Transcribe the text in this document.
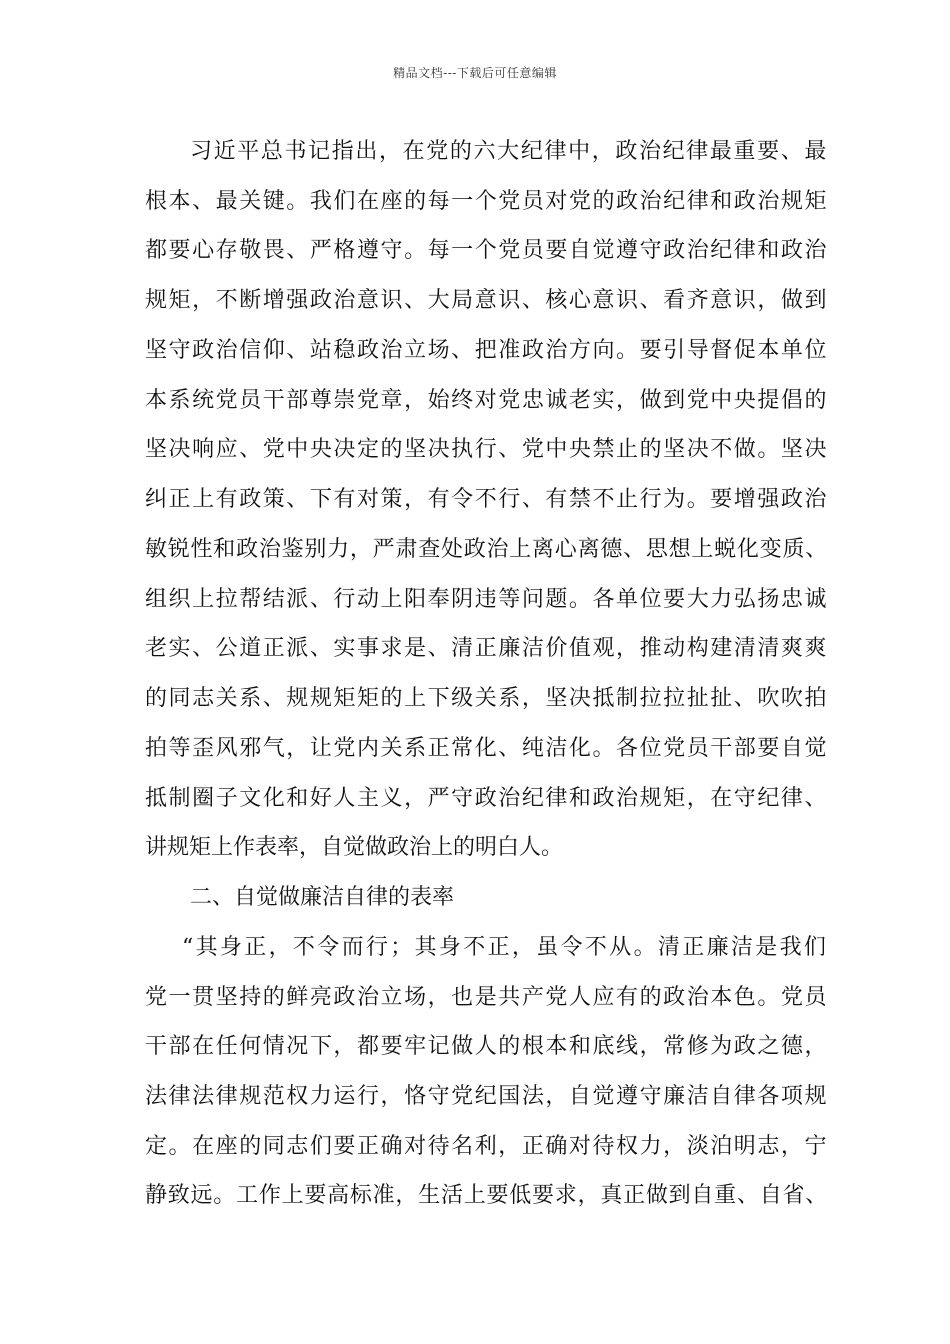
精品文档---下载后可任意编辑
习近平总书记指出，在党的六大纪律中，政治纪律最重要、最
根本、最关键。我们在座的每一个党员对党的政治纪律和政治规矩
都要心存敬畏、严格遵守。每一个党员要自觉遵守政治纪律和政治
规矩，不断增强政治意识、大局意识、核心意识、看齐意识，做到
坚守政治信仰、站稳政治立场、把准政治方向。要引导督促本单位
本系统党员干部尊崇党章，始终对党忠诚老实，做到党中央提倡的
坚决响应、党中央决定的坚决执行、党中央禁止的坚决不做。坚决
纠正上有政策、下有对策，有令不行、有禁不止行为。要增强政治
敏锐性和政治鉴别力，严肃查处政治上离心离德、思想上蜕化变质、
组织上拉帮结派、行动上阳奉阴违等问题。各单位要大力弘扬忠诚
老实、公道正派、实事求是、清正廉洁价值观，推动构建清清爽爽
的同志关系、规规矩矩的上下级关系，坚决抵制拉拉扯扯、吹吹拍
拍等歪风邪气，让党内关系正常化、纯洁化。各位党员干部要自觉
抵制圈子文化和好人主义，严守政治纪律和政治规矩，在守纪律、
讲规矩上作表率，自觉做政治上的明白人。
二、自觉做廉洁自律的表率
“其身正，不令而行；其身不正，虽令不从。清正廉洁是我们
党一贯坚持的鲜亮政治立场，也是共产党人应有的政治本色。党员
干部在任何情况下，都要牢记做人的根本和底线，常修为政之德，
法律法律规范权力运行，恪守党纪国法，自觉遵守廉洁自律各项规
定。在座的同志们要正确对待名利，正确对待权力，淡泊明志，宁
静致远。工作上要高标准，生活上要低要求，真正做到自重、自省、
